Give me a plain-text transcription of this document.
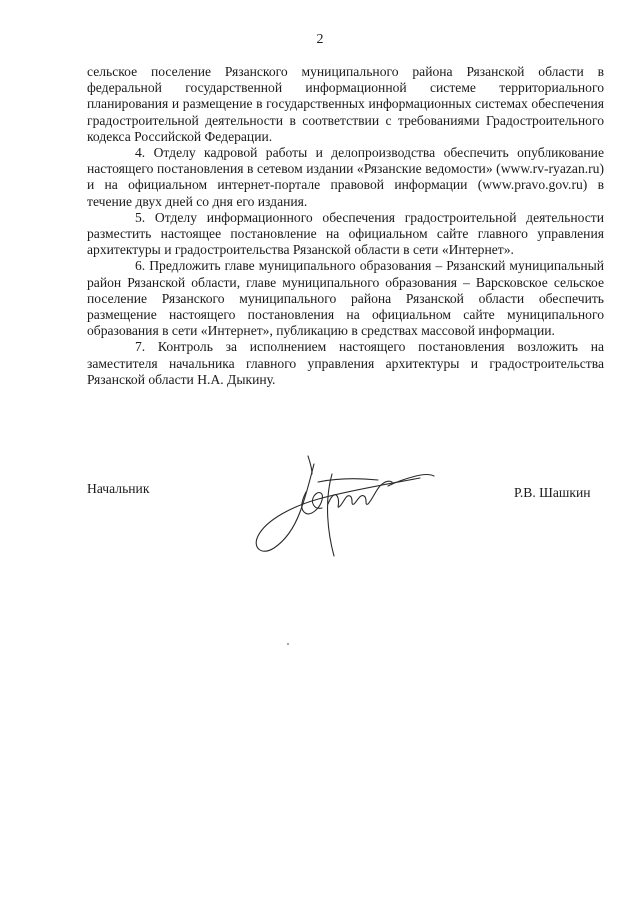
2

сельское поселение Рязанского муниципального района Рязанской области в федеральной государственной информационной системе территориального планирования и размещение в государственных информационных системах обеспечения градостроительной деятельности в соответствии с требованиями Градостроительного кодекса Российской Федерации.

4. Отделу кадровой работы и делопроизводства обеспечить опубликование настоящего постановления в сетевом издании «Рязанские ведомости» (www.rv-ryazan.ru) и на официальном интернет-портале правовой информации (www.pravo.gov.ru) в течение двух дней со дня его издания.

5. Отделу информационного обеспечения градостроительной деятельности разместить настоящее постановление на официальном сайте главного управления архитектуры и градостроительства Рязанской области в сети «Интернет».

6. Предложить главе муниципального образования – Рязанский муниципальный район Рязанской области, главе муниципального образования – Варсковское сельское поселение Рязанского муниципального района Рязанской области обеспечить размещение настоящего постановления на официальном сайте муниципального образования в сети «Интернет», публикацию в средствах массовой информации.

7. Контроль за исполнением настоящего постановления возложить на заместителя начальника главного управления архитектуры и градостроительства Рязанской области Н.А. Дыкину.

Начальник	Р.В. Шашкин
